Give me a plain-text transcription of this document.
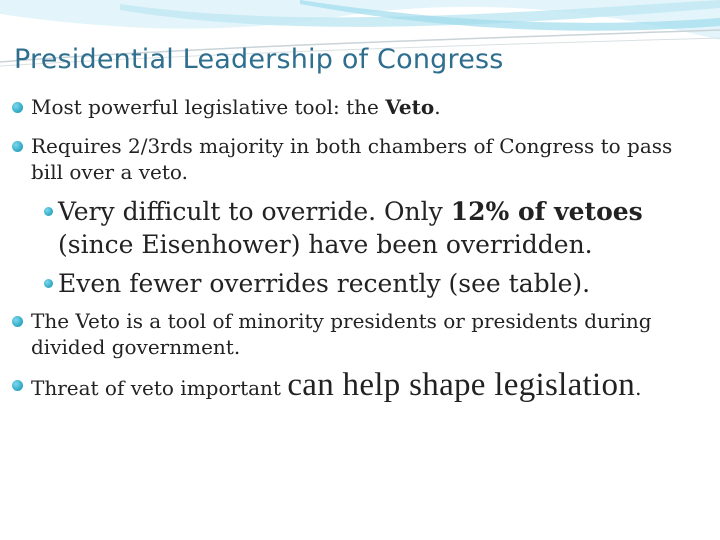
Presidential Leadership of Congress
Most powerful legislative tool: the Veto.
Requires 2/3rds majority in both chambers of Congress to pass bill over a veto.
Very difficult to override. Only 12% of vetoes (since Eisenhower) have been overridden.
Even fewer overrides recently (see table).
The Veto is a tool of minority presidents or presidents during divided government.
Threat of veto important can help shape legislation.
